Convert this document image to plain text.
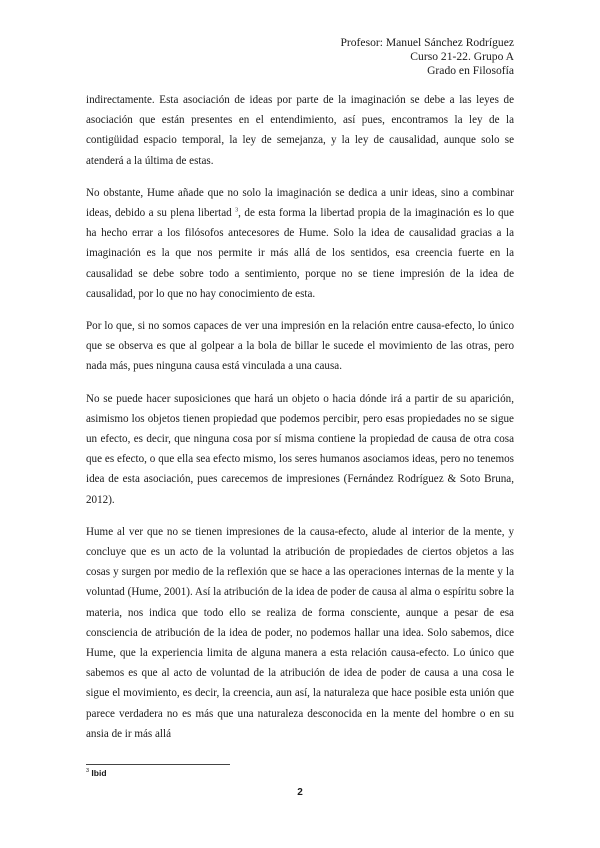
Profesor: Manuel Sánchez Rodríguez
Curso 21-22. Grupo A
Grado en Filosofía

indirectamente. Esta asociación de ideas por parte de la imaginación se debe a las leyes de asociación que están presentes en el entendimiento, así pues, encontramos la ley de la contigüidad espacio temporal, la ley de semejanza, y la ley de causalidad, aunque solo se atenderá a la última de estas.

No obstante, Hume añade que no solo la imaginación se dedica a unir ideas, sino a combinar ideas, debido a su plena libertad $^3$, de esta forma la libertad propia de la imaginación es lo que ha hecho errar a los filósofos antecesores de Hume. Solo la idea de causalidad gracias a la imaginación es la que nos permite ir más allá de los sentidos, esa creencia fuerte en la causalidad se debe sobre todo a sentimiento, porque no se tiene impresión de la idea de causalidad, por lo que no hay conocimiento de esta.

Por lo que, si no somos capaces de ver una impresión en la relación entre causa-efecto, lo único que se observa es que al golpear a la bola de billar le sucede el movimiento de las otras, pero nada más, pues ninguna causa está vinculada a una causa.

No se puede hacer suposiciones que hará un objeto o hacia dónde irá a partir de su aparición, asimismo los objetos tienen propiedad que podemos percibir, pero esas propiedades no se sigue un efecto, es decir, que ninguna cosa por sí misma contiene la propiedad de causa de otra cosa que es efecto, o que ella sea efecto mismo, los seres humanos asociamos ideas, pero no tenemos idea de esta asociación, pues carecemos de impresiones (Fernández Rodríguez & Soto Bruna, 2012).

Hume al ver que no se tienen impresiones de la causa-efecto, alude al interior de la mente, y concluye que es un acto de la voluntad la atribución de propiedades de ciertos objetos a las cosas y surgen por medio de la reflexión que se hace a las operaciones internas de la mente y la voluntad (Hume, 2001). Así la atribución de la idea de poder de causa al alma o espíritu sobre la materia, nos indica que todo ello se realiza de forma consciente, aunque a pesar de esa consciencia de atribución de la idea de poder, no podemos hallar una idea. Solo sabemos, dice Hume, que la experiencia limita de alguna manera a esta relación causa-efecto. Lo único que sabemos es que al acto de voluntad de la atribución de idea de poder de causa a una cosa le sigue el movimiento, es decir, la creencia, aun así, la naturaleza que hace posible esta unión que parece verdadera no es más que una naturaleza desconocida en la mente del hombre o en su ansia de ir más allá

$^3$ Ibid
2
